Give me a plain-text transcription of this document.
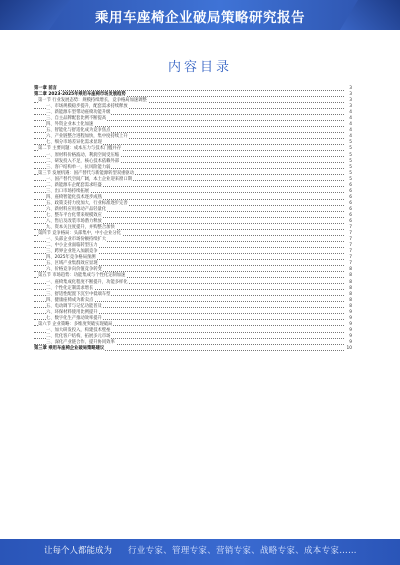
乘用车座椅企业破局策略研究报告
内容目录
第一章 前言	3
第二章 2023-2025年乘用车座椅市场发展趋势	3
第一节 行业发展态势：规模持续增长，竞争格局加速调整	3
一、市场规模稳步提升，配套需求持续释放	3
二、新能源车型带动座椅功能升级	4
三、自主品牌配套比例不断提高	4
四、外资企业本土化加速	4
五、智能化与舒适化成为竞争焦点	4
六、产业链整合进程加快，集中度持续上升	4
七、细分市场差异化需求显现	5
第二节 主要问题：成本压力与技术门槛并存	5
一、原材料价格波动，利润空间受压缩	5
二、研发投入不足，核心技术依赖外部	5
三、客户结构单一，抗风险能力弱	5
第三节 发展机遇：国产替代与新能源转型双重驱动	5
一、国产替代空间广阔，本土企业迎来窗口期	5
二、新能源车企配套需求旺盛	6
三、出口市场持续拓展	6
四、座椅智能化技术逐步成熟	6
五、政策支持力度加大，行业标准逐步完善	6
六、新材料应用推动产品轻量化	6
七、整车平台化带来规模效应	6
八、售后及改装市场潜力释放	6
九、资本关注度提升，并购整合加快	7
第四节 竞争格局：头部集中，中小企业分化	7
一、头部企业市场份额持续扩大	7
二、中小企业面临转型压力	7
三、跨界企业进入加剧竞争	7
四、2025年竞争格局预测	7
五、区域产业集群效应显现	7
六、价格竞争向价值竞争转变	8
第五节 市场趋势：功能集成与个性化定制加速	8
一、座椅集成化程度不断提升，功能多样化	8
二、个性化定制需求增长	8
三、舒适性配置下沉至中低端车型	8
四、健康座椅成为新卖点	8
五、电动调节与记忆功能普及	8
六、环保材料使用比例提升	9
七、数字化生产推动效率提升	9
第六节 企业策略：多维度突破实现破局	9
一、加大研发投入，构建技术壁垒	9
二、优化客户结构，拓展多元市场	9
三、深化产业链合作，提升协同效率	9
第三章 乘用车座椅企业破局策略建议	10
让每个人都能成为 行业专家、管理专家、营销专家、战略专家、成本专家……
